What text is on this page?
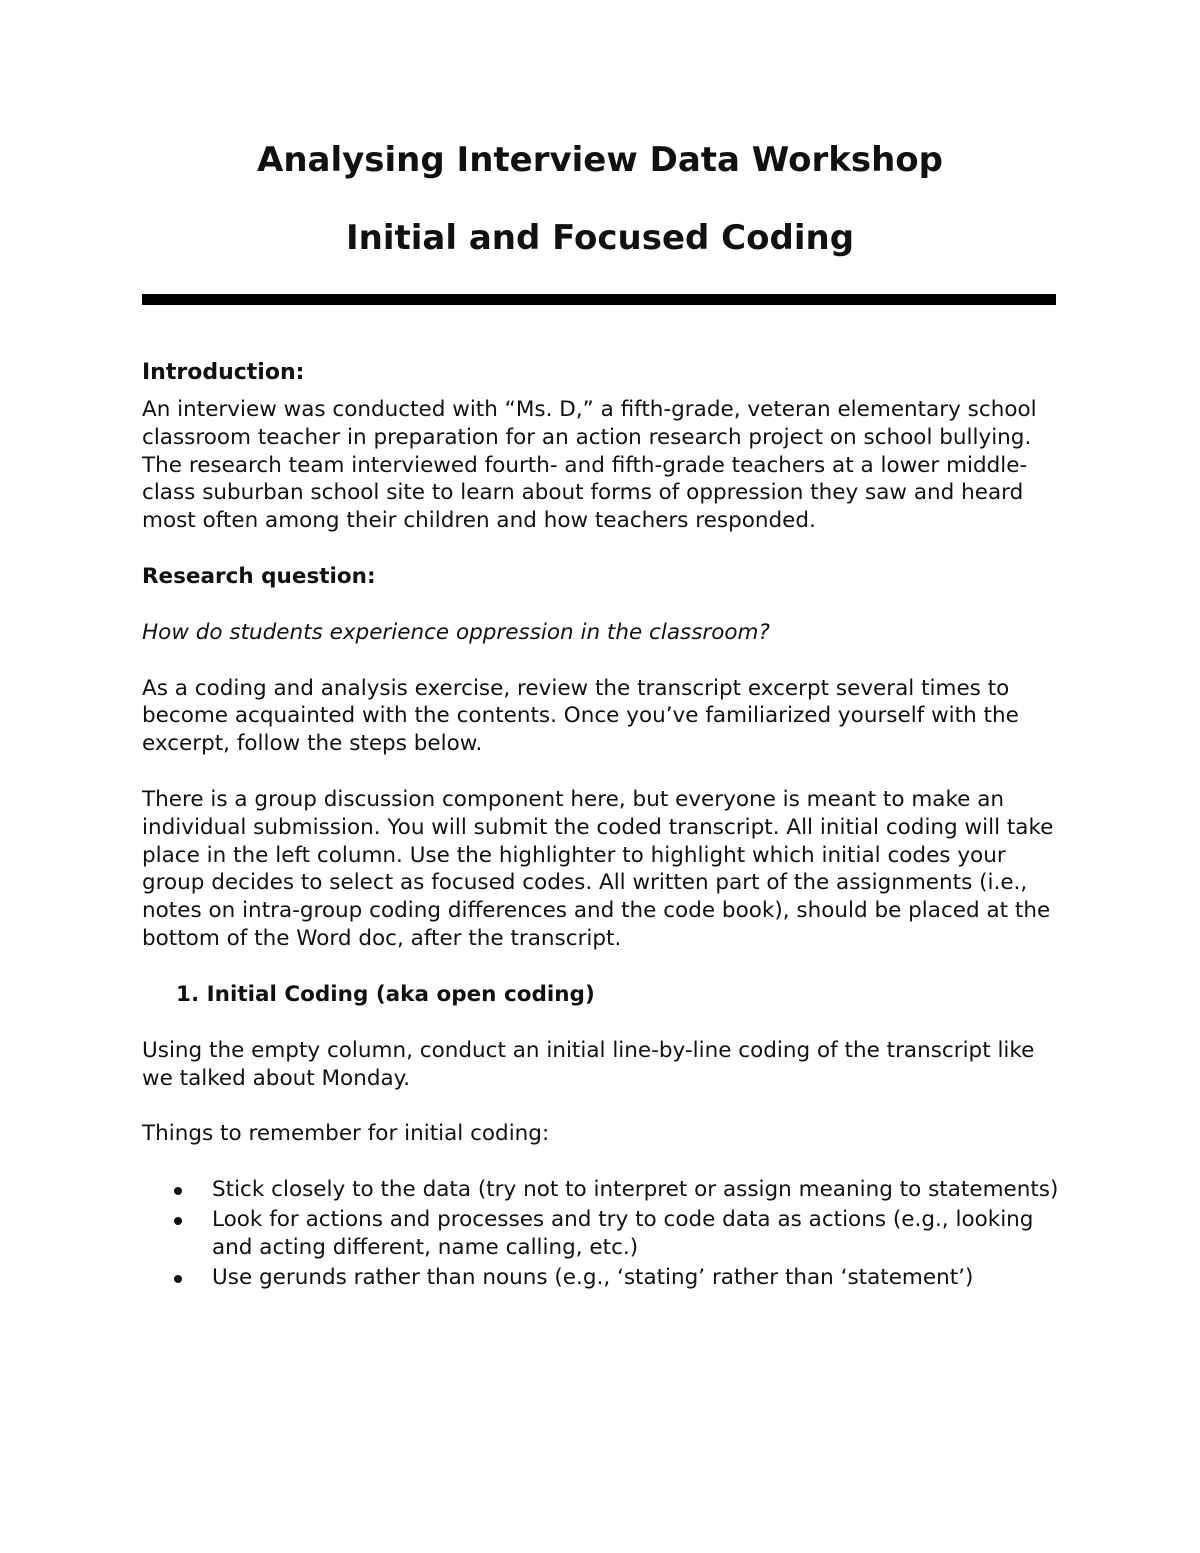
Analysing Interview Data Workshop
Initial and Focused Coding
Introduction:

An interview was conducted with “Ms. D,” a fifth-grade, veteran elementary school classroom teacher in preparation for an action research project on school bullying. The research team interviewed fourth- and fifth-grade teachers at a lower middle-class suburban school site to learn about forms of oppression they saw and heard most often among their children and how teachers responded.

Research question:

How do students experience oppression in the classroom?

As a coding and analysis exercise, review the transcript excerpt several times to become acquainted with the contents. Once you’ve familiarized yourself with the excerpt, follow the steps below.

There is a group discussion component here, but everyone is meant to make an individual submission. You will submit the coded transcript. All initial coding will take place in the left column. Use the highlighter to highlight which initial codes your group decides to select as focused codes. All written part of the assignments (i.e., notes on intra-group coding differences and the code book), should be placed at the bottom of the Word doc, after the transcript.

1. Initial Coding (aka open coding)

Using the empty column, conduct an initial line-by-line coding of the transcript like we talked about Monday.

Things to remember for initial coding:

Stick closely to the data (try not to interpret or assign meaning to statements)
Look for actions and processes and try to code data as actions (e.g., looking and acting different, name calling, etc.)
Use gerunds rather than nouns (e.g., ‘stating’ rather than ‘statement’)
